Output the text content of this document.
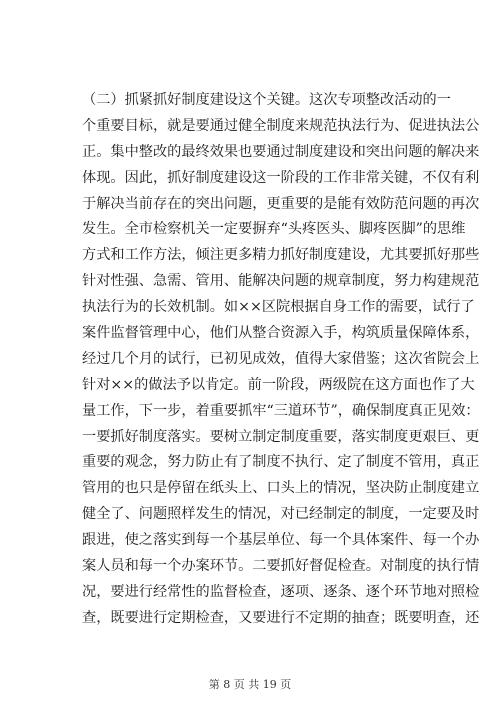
（二）抓紧抓好制度建设这个关键。这次专项整改活动的一
个重要目标，就是要通过健全制度来规范执法行为、促进执法公
正。集中整改的最终效果也要通过制度建设和突出问题的解决来
体现。因此，抓好制度建设这一阶段的工作非常关键，不仅有利
于解决当前存在的突出问题，更重要的是能有效防范问题的再次
发生。全市检察机关一定要摒弃“头疼医头、脚疼医脚”的思维
方式和工作方法，倾注更多精力抓好制度建设，尤其要抓好那些
针对性强、急需、管用、能解决问题的规章制度，努力构建规范
执法行为的长效机制。如××区院根据自身工作的需要，试行了
案件监督管理中心，他们从整合资源入手，构筑质量保障体系，
经过几个月的试行，已初见成效，值得大家借鉴；这次省院会上
针对××的做法予以肯定。前一阶段，两级院在这方面也作了大
量工作，下一步，着重要抓牢“三道环节”，确保制度真正见效：
一要抓好制度落实。要树立制定制度重要，落实制度更艰巨、更
重要的观念，努力防止有了制度不执行、定了制度不管用，真正
管用的也只是停留在纸头上、口头上的情况，坚决防止制度建立
健全了、问题照样发生的情况，对已经制定的制度，一定要及时
跟进，使之落实到每一个基层单位、每一个具体案件、每一个办
案人员和每一个办案环节。二要抓好督促检查。对制度的执行情
况，要进行经常性的监督检查，逐项、逐条、逐个环节地对照检
查，既要进行定期检查，又要进行不定期的抽查；既要明查，还
第 8 页 共 19 页
